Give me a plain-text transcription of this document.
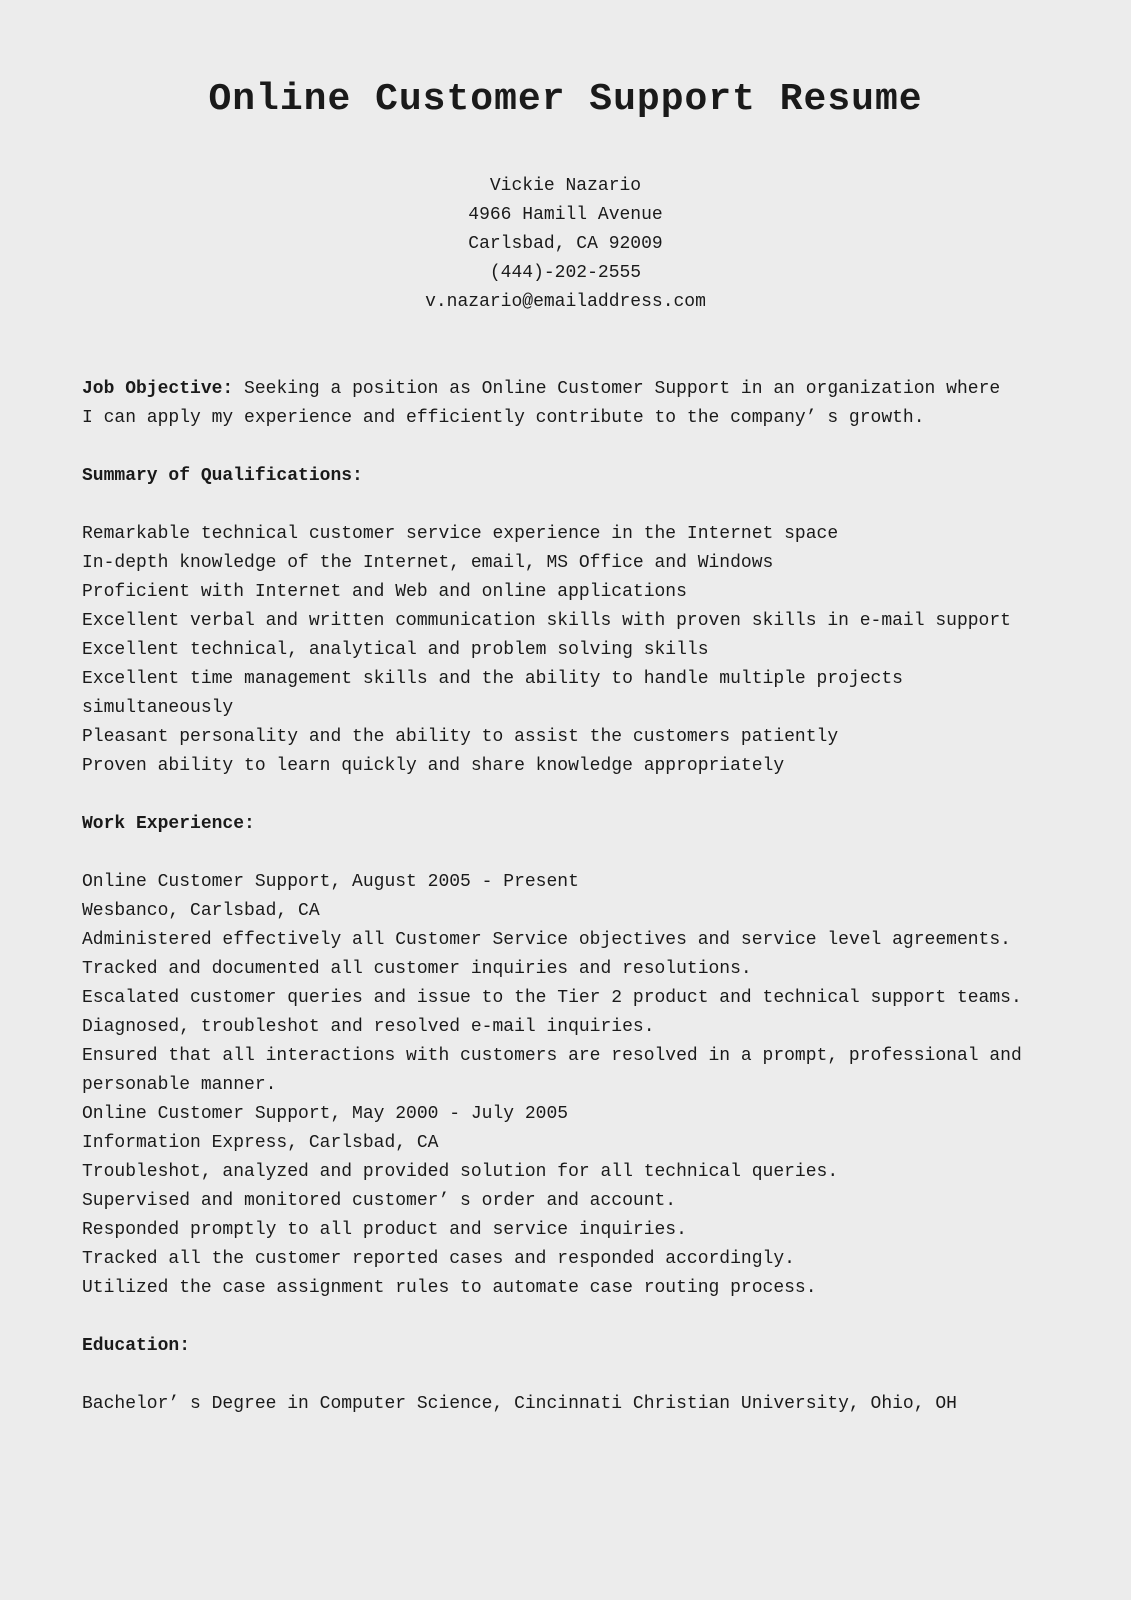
Online Customer Support Resume
Vickie Nazario
4966 Hamill Avenue
Carlsbad, CA 92009
(444)-202-2555
v.nazario@emailaddress.com

Job Objective: Seeking a position as Online Customer Support in an organization where I can apply my experience and efficiently contribute to the company’ s growth.

Summary of Qualifications:
Remarkable technical customer service experience in the Internet space
In-depth knowledge of the Internet, email, MS Office and Windows
Proficient with Internet and Web and online applications
Excellent verbal and written communication skills with proven skills in e-mail support
Excellent technical, analytical and problem solving skills
Excellent time management skills and the ability to handle multiple projects simultaneously
Pleasant personality and the ability to assist the customers patiently
Proven ability to learn quickly and share knowledge appropriately
Work Experience:
Online Customer Support, August 2005 - Present
Wesbanco, Carlsbad, CA
Administered effectively all Customer Service objectives and service level agreements.
Tracked and documented all customer inquiries and resolutions.
Escalated customer queries and issue to the Tier 2 product and technical support teams.
Diagnosed, troubleshot and resolved e-mail inquiries.
Ensured that all interactions with customers are resolved in a prompt, professional and personable manner.
Online Customer Support, May 2000 - July 2005
Information Express, Carlsbad, CA
Troubleshot, analyzed and provided solution for all technical queries.
Supervised and monitored customer’ s order and account.
Responded promptly to all product and service inquiries.
Tracked all the customer reported cases and responded accordingly.
Utilized the case assignment rules to automate case routing process.
Education:
Bachelor’ s Degree in Computer Science, Cincinnati Christian University, Ohio, OH
